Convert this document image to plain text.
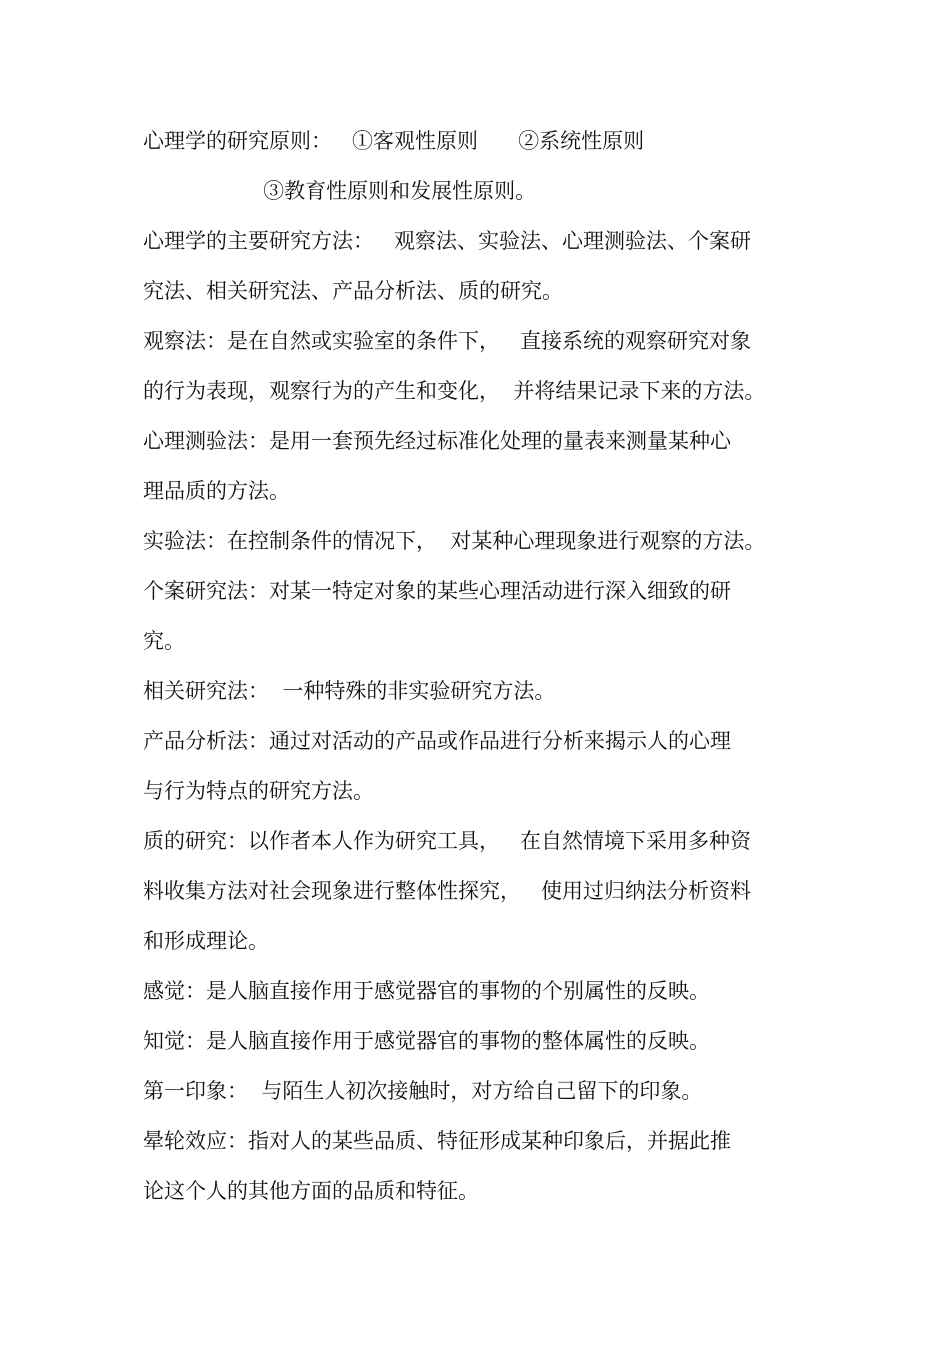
心理学的研究原则：   ①客观性原则      ②系统性原则
③教育性原则和发展性原则。
心理学的主要研究方法：   观察法、实验法、心理测验法、个案研
究法、相关研究法、产品分析法、质的研究。
观察法：是在自然或实验室的条件下，   直接系统的观察研究对象
的行为表现，观察行为的产生和变化，  并将结果记录下来的方法。
心理测验法：是用一套预先经过标准化处理的量表来测量某种心
理品质的方法。
实验法：在控制条件的情况下，  对某种心理现象进行观察的方法。
个案研究法：对某一特定对象的某些心理活动进行深入细致的研
究。
相关研究法：  一种特殊的非实验研究方法。
产品分析法：通过对活动的产品或作品进行分析来揭示人的心理
与行为特点的研究方法。
质的研究：以作者本人作为研究工具，   在自然情境下采用多种资
料收集方法对社会现象进行整体性探究，   使用过归纳法分析资料
和形成理论。
感觉：是人脑直接作用于感觉器官的事物的个别属性的反映。
知觉：是人脑直接作用于感觉器官的事物的整体属性的反映。
第一印象：  与陌生人初次接触时，对方给自己留下的印象。
晕轮效应：指对人的某些品质、特征形成某种印象后，并据此推
论这个人的其他方面的品质和特征。
